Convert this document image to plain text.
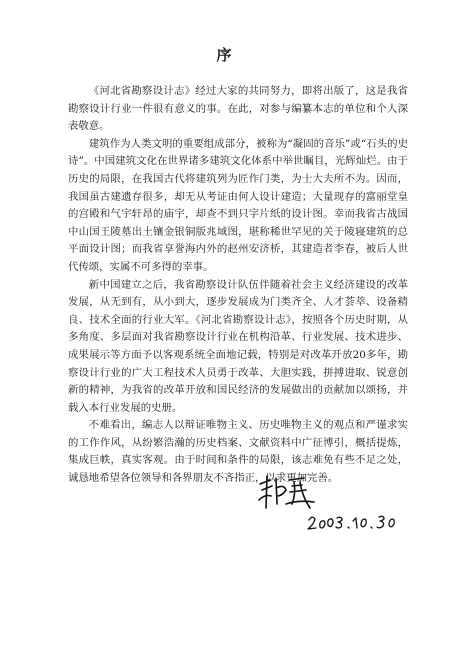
序

《河北省勘察设计志》经过大家的共同努力，即将出版了，这是我省勘察设计行业一件很有意义的事。在此，对参与编纂本志的单位和个人深表敬意。

建筑作为人类文明的重要组成部分，被称为“凝固的音乐”或“石头的史诗”。中国建筑文化在世界诸多建筑文化体系中举世瞩目，光辉灿烂。由于历史的局限，在我国古代将建筑列为匠作门类，为士大夫所不为。因而，我国虽古建遗存很多，却无从考证由何人设计建造；大量现存的富丽堂皇的宫殿和气宇轩昂的庙宇，却查不到只字片纸的设计图。幸而我省古战国中山国王陵墓出土镶金银铜版兆域图，堪称稀世罕见的关于陵寝建筑的总平面设计图；而我省享誉海内外的赵州安济桥，其建造者李春，被后人世代传颂，实属不可多得的幸事。

新中国建立之后，我省勘察设计队伍伴随着社会主义经济建设的改革发展，从无到有，从小到大，逐步发展成为门类齐全、人才荟萃、设备精良、技术全面的行业大军。《河北省勘察设计志》，按照各个历史时期，从多角度、多层面对我省勘察设计行业在机构沿革、行业发展、技术进步、成果展示等方面予以客观系统全面地记载，特别是对改革开放20多年，勘察设计行业的广大工程技术人员勇于改革、大胆实践，拼搏进取、锐意创新的精神，为我省的改革开放和国民经济的发展做出的贡献加以颂扬，并载入本行业发展的史册。

不难看出，编志人以辩证唯物主义、历史唯物主义的观点和严谨求实的工作作风，从纷繁浩瀚的历史档案、文献资料中广征博引，概括提炼，集成巨帙，真实客观。由于时间和条件的局限，该志难免有些不足之处，诚恳地希望各位领导和各界朋友不吝指正，以求更加完善。
